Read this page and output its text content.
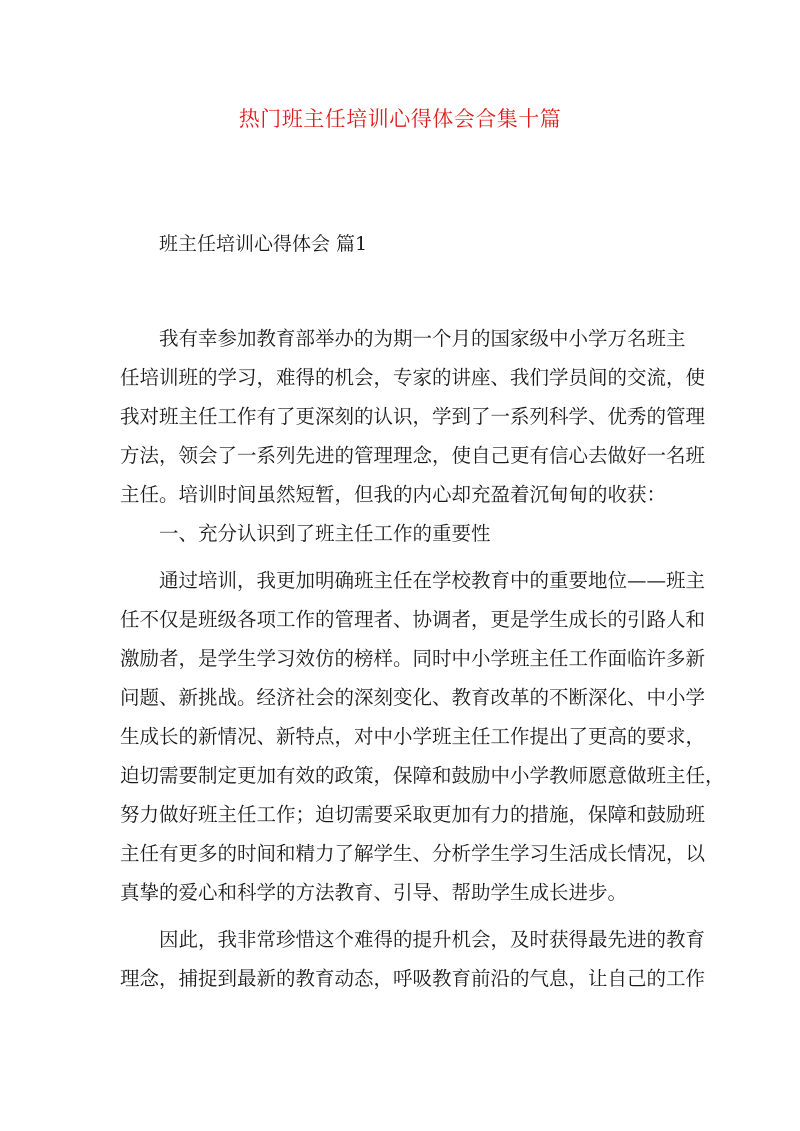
热门班主任培训心得体会合集十篇
班主任培训心得体会 篇1
我有幸参加教育部举办的为期一个月的国家级中小学万名班主
任培训班的学习，难得的机会，专家的讲座、我们学员间的交流，使
我对班主任工作有了更深刻的认识，学到了一系列科学、优秀的管理
方法，领会了一系列先进的管理理念，使自己更有信心去做好一名班
主任。培训时间虽然短暂，但我的内心却充盈着沉甸甸的收获：
一、充分认识到了班主任工作的重要性
通过培训，我更加明确班主任在学校教育中的重要地位——班主
任不仅是班级各项工作的管理者、协调者，更是学生成长的引路人和
激励者，是学生学习效仿的榜样。同时中小学班主任工作面临许多新
问题、新挑战。经济社会的深刻变化、教育改革的不断深化、中小学
生成长的新情况、新特点，对中小学班主任工作提出了更高的要求，
迫切需要制定更加有效的政策，保障和鼓励中小学教师愿意做班主任，
努力做好班主任工作；迫切需要采取更加有力的措施，保障和鼓励班
主任有更多的时间和精力了解学生、分析学生学习生活成长情况，以
真挚的爱心和科学的方法教育、引导、帮助学生成长进步。
因此，我非常珍惜这个难得的提升机会，及时获得最先进的教育
理念，捕捉到最新的教育动态，呼吸教育前沿的气息，让自己的工作
